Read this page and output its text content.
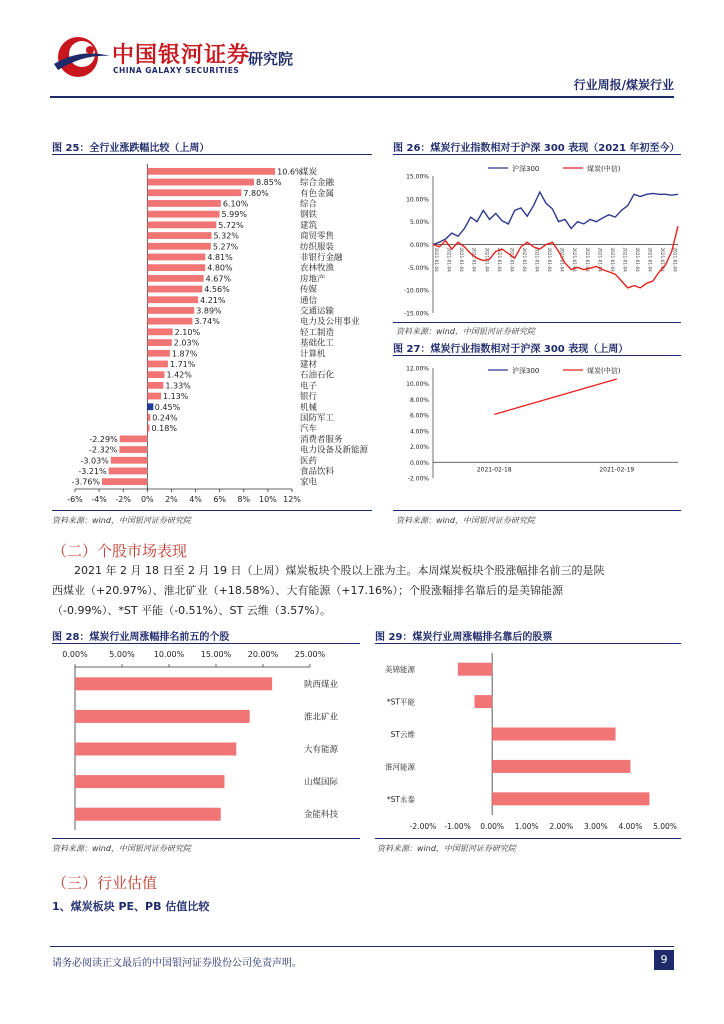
中国银河证券
CHINA GALAXY SECURITIES
研究院
行业周报/煤炭行业
图 25：全行业涨跌幅比较（上周）
10.6%
煤炭
8.85% 综合金融
7.80%	有色金属
6.10%	综合
5.99%	钢铁
5.72%	建筑
5.32%	商贸零售
5.27%	纺织服装
4.81%	非银行金融
4.80%	农林牧渔
4.67%	房地产
4.56%	传媒
4.21%	通信
3.89%	交通运输
3.74%	电力及公用事业
2.10%	轻工制造
2.03%	基础化工
1.87%	计算机
1.71%	建材
1.42%	石油石化
1.33%	电子
1.13%	银行
0.45%	机械
0.24%	国防军工
0.18%	汽车
-2.29%	消费者服务
-2.32%	电力设备及新能源
-3.03%	医药
-3.21%	食品饮料
-3.76%	家电
-6% -4% -2% 0% 2% 4% 6% 8% 10% 12%
资料来源：wind，中国银河证券研究院
图 26：煤炭行业指数相对于沪深 300 表现（2021 年初至今）
沪深300	煤炭(中信)
-15.00%
-10.00%
-5.00%
0.00%
5.00%
10.00%
15.00%
2021-01-04 2021-01-04 2021-01-04 2021-01-04 2021-01-04 2021-01-04 2021-01-04 2021-01-04 2021-01-04 2021-01-04 2021-01-04 2021-01-04 2021-01-04 2021-01-04 2021-01-04 2021-01-04 2021-01-04 2021-01-04 2021-01-04 2021-01-04
资料来源：wind，中国银河证券研究院
图 27：煤炭行业指数相对于沪深 300 表现（上周）
沪深300	煤炭(中信)
-2.00%
0.00%
2.00%
4.00%
6.00%
8.00%
10.00%
12.00%
2021-02-18	2021-02-19
资料来源：wind，中国银河证券研究院
（二）个股市场表现
2021 年 2 月 18 日至 2 月 19 日（上周）煤炭板块个股以上涨为主。本周煤炭板块个股涨幅排名前三的是陕西煤业（+20.97%）、淮北矿业（+18.58%）、大有能源（+17.16%）；个股涨幅排名靠后的是美锦能源（-0.99%）、*ST 平能（-0.51%）、ST 云维（3.57%）。
图 28：煤炭行业周涨幅排名前五的个股
0.00%	5.00% 10.00% 15.00% 20.00% 25.00%
陕西煤业
淮北矿业
大有能源
山煤国际
金能科技
资料来源：wind，中国银河证券研究院
图 29：煤炭行业周涨幅排名靠后的股票
美锦能源
*ST平能
ST云维
淮河能源
*ST永泰
-2.00% -1.00% 0.00% 1.00% 2.00% 3.00% 4.00% 5.00%
资料来源：wind，中国银河证券研究院
（三）行业估值
1、煤炭板块 PE、PB 估值比较
请务必阅读正文最后的中国银河证券股份公司免责声明。	9
